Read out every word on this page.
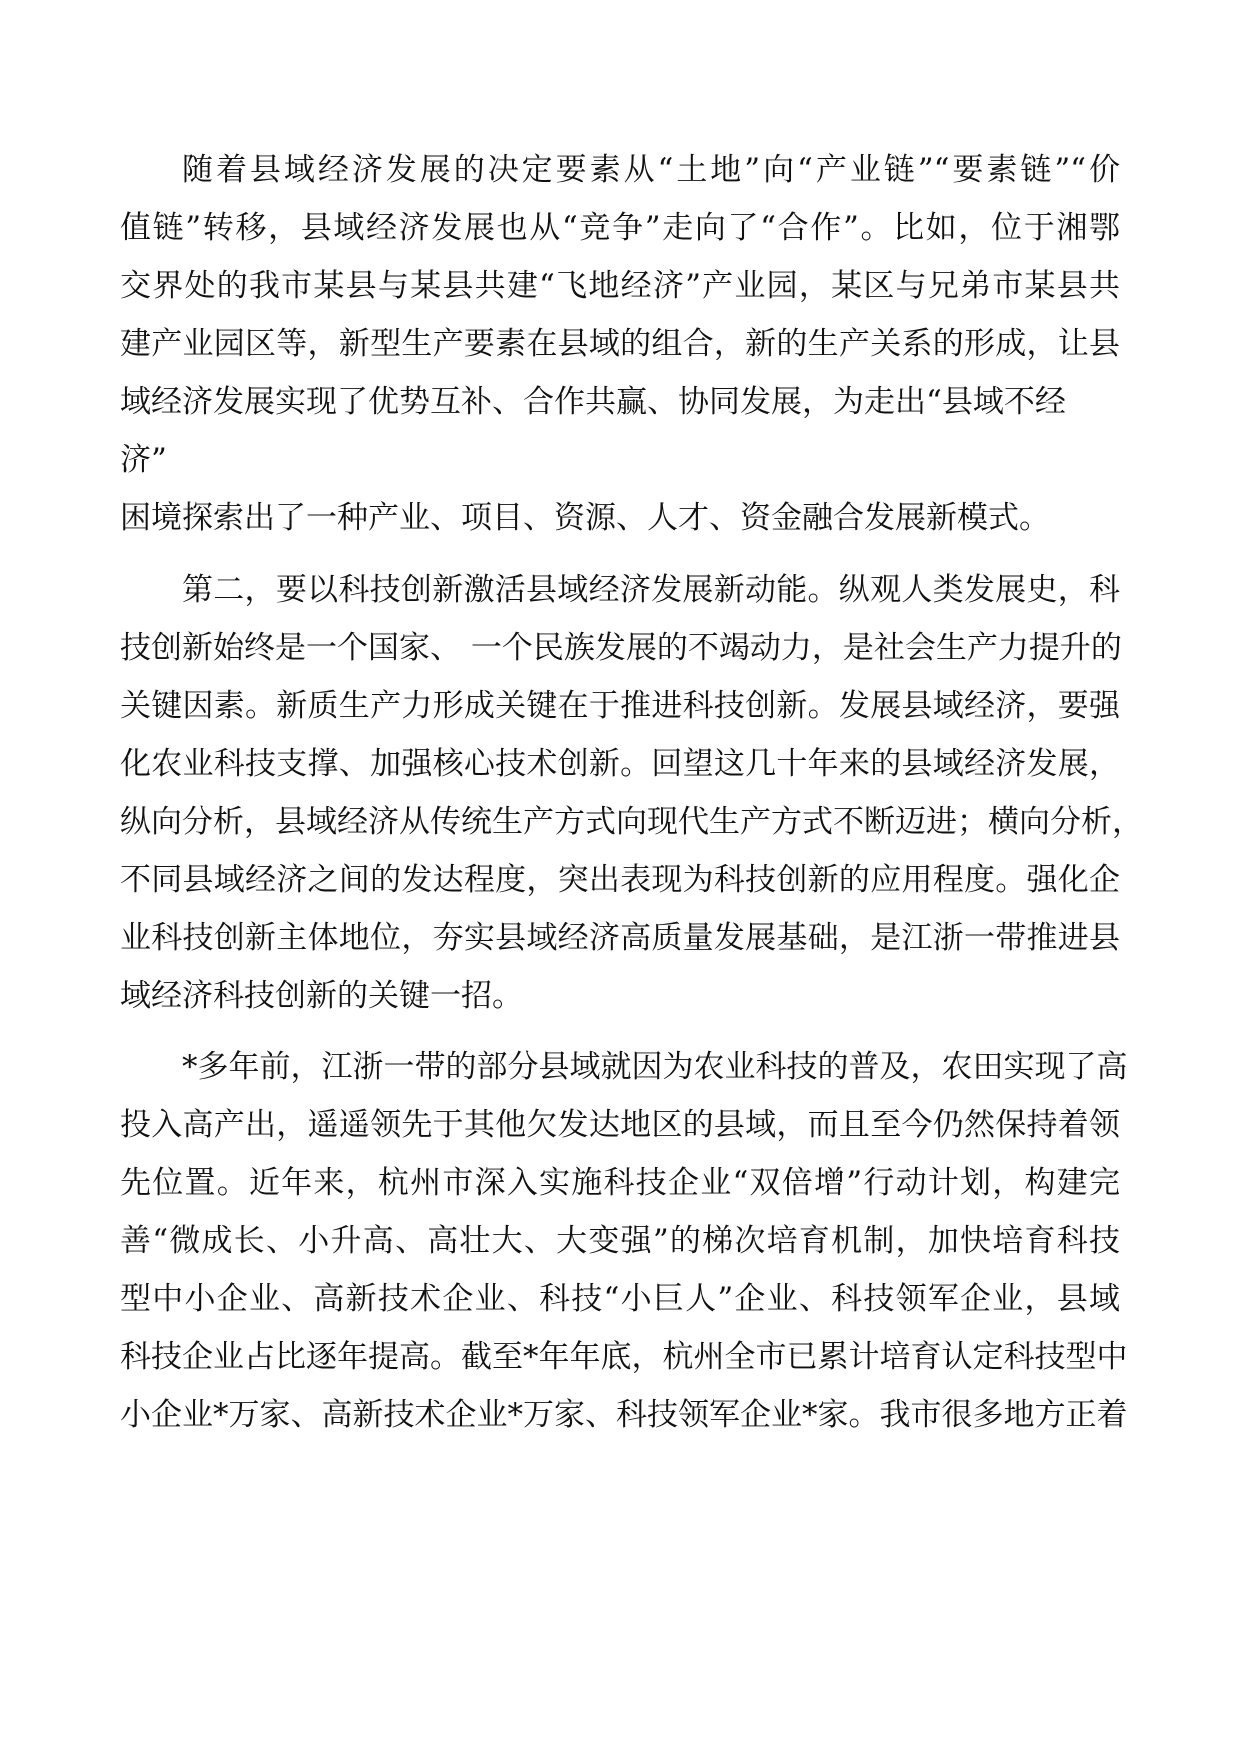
随着县域经济发展的决定要素从“土地”向“产业链”“要素链”“价
值链”转移，县域经济发展也从“竞争”走向了“合作”。比如，位于湘鄂
交界处的我市某县与某县共建“飞地经济”产业园，某区与兄弟市某县共
建产业园区等，新型生产要素在县域的组合，新的生产关系的形成，让县
域经济发展实现了优势互补、合作共赢、协同发展，为走出“县域不经
济”
困境探索出了一种产业、项目、资源、人才、资金融合发展新模式。
第二，要以科技创新激活县域经济发展新动能。纵观人类发展史，科
技创新始终是一个国家、 一个民族发展的不竭动力，是社会生产力提升的
关键因素。新质生产力形成关键在于推进科技创新。发展县域经济，要强
化农业科技支撑、加强核心技术创新。回望这几十年来的县域经济发展，
纵向分析，县域经济从传统生产方式向现代生产方式不断迈进；横向分析，
不同县域经济之间的发达程度，突出表现为科技创新的应用程度。强化企
业科技创新主体地位，夯实县域经济高质量发展基础，是江浙一带推进县
域经济科技创新的关键一招。
*多年前，江浙一带的部分县域就因为农业科技的普及，农田实现了高
投入高产出，遥遥领先于其他欠发达地区的县域，而且至今仍然保持着领
先位置。近年来，杭州市深入实施科技企业“双倍增”行动计划，构建完
善“微成长、小升高、高壮大、大变强”的梯次培育机制，加快培育科技
型中小企业、高新技术企业、科技“小巨人”企业、科技领军企业，县域
科技企业占比逐年提高。截至*年年底，杭州全市已累计培育认定科技型中
小企业*万家、高新技术企业*万家、科技领军企业*家。我市很多地方正着
